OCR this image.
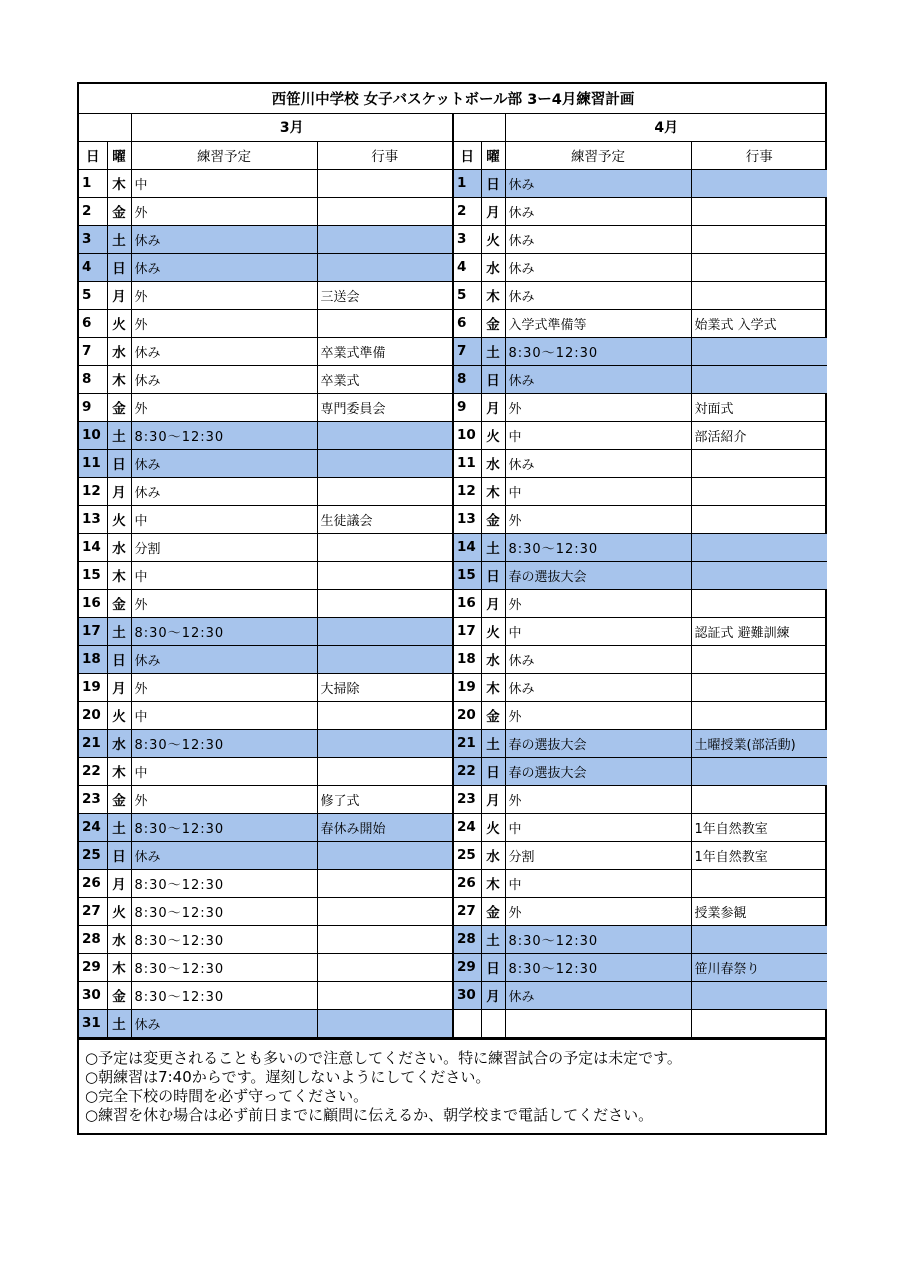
西笹川中学校 女子バスケットボール部 3ー4月練習計画							
		3月				4月	
日	曜	練習予定	行事	日	曜	練習予定	行事
1	木	中		1	日	休み	
2	金	外		2	月	休み	
3	土	休み		3	火	休み	
4	日	休み		4	水	休み	
5	月	外	三送会	5	木	休み	
6	火	外		6	金	入学式準備等	始業式 入学式
7	水	休み	卒業式準備	7	土	8:30～12:30	
8	木	休み	卒業式	8	日	休み	
9	金	外	専門委員会	9	月	外	対面式
10	土	8:30～12:30		10	火	中	部活紹介
11	日	休み		11	水	休み	
12	月	休み		12	木	中	
13	火	中	生徒議会	13	金	外	
14	水	分割		14	土	8:30～12:30	
15	木	中		15	日	春の選抜大会	
16	金	外		16	月	外	
17	土	8:30～12:30		17	火	中	認証式 避難訓練
18	日	休み		18	水	休み	
19	月	外	大掃除	19	木	休み	
20	火	中		20	金	外	
21	水	8:30～12:30		21	土	春の選抜大会	土曜授業(部活動)
22	木	中		22	日	春の選抜大会	
23	金	外	修了式	23	月	外	
24	土	8:30～12:30	春休み開始	24	火	中	1年自然教室
25	日	休み		25	水	分割	1年自然教室
26	月	8:30～12:30		26	木	中	
27	火	8:30～12:30		27	金	外	授業参観
28	水	8:30～12:30		28	土	8:30～12:30	
29	木	8:30～12:30		29	日	8:30～12:30	笹川春祭り
30	金	8:30～12:30		30	月	休み	
31	土	休み					
○予定は変更されることも多いので注意してください。特に練習試合の予定は未定です。
○朝練習は7:40からです。遅刻しないようにしてください。
○完全下校の時間を必ず守ってください。
○練習を休む場合は必ず前日までに顧問に伝えるか、朝学校まで電話してください。
